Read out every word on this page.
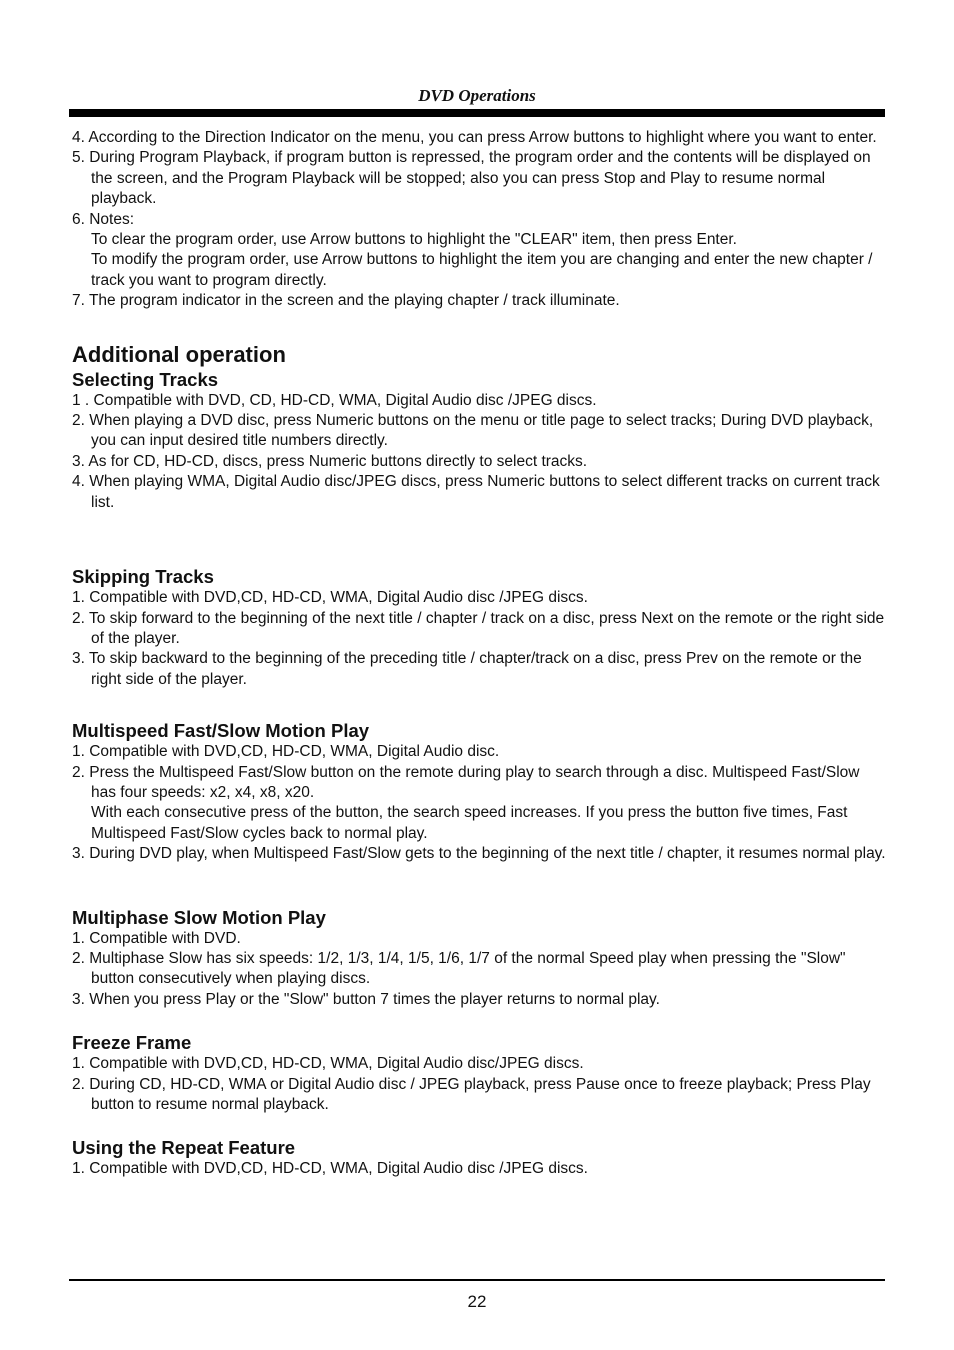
DVD Operations

4. According to the Direction Indicator on the menu, you can press Arrow buttons to highlight where you want to enter.

5. During Program Playback, if program button is repressed, the program order and the contents will be displayed on the screen, and the Program Playback will be stopped; also you can press Stop and Play to resume normal playback.

6. Notes:

To clear the program order, use Arrow buttons to highlight the "CLEAR" item, then press Enter.

To modify the program order, use Arrow buttons to highlight the item you are changing and enter the new chapter / track you want to program directly.

7. The program indicator in the screen and the playing chapter / track illuminate.

Additional operation
Selecting Tracks

1 . Compatible with DVD, CD, HD-CD, WMA, Digital Audio disc /JPEG discs.

2. When playing a DVD disc, press Numeric buttons on the menu or title page to select tracks; During DVD playback, you can input desired title numbers directly.

3. As for CD, HD-CD, discs, press Numeric buttons directly to select tracks.

4. When playing WMA, Digital Audio disc/JPEG discs, press Numeric buttons to select different tracks on current track list.

Skipping Tracks

1. Compatible with DVD,CD, HD-CD, WMA, Digital Audio disc /JPEG discs.

2. To skip forward to the beginning of the next title / chapter / track on a disc, press Next on the remote or the right side of the player.

3. To skip backward to the beginning of the preceding title / chapter/track on a disc, press Prev on the remote or the right side of the player.

Multispeed Fast/Slow Motion Play

1. Compatible with DVD,CD, HD-CD, WMA, Digital Audio disc.

2. Press the Multispeed Fast/Slow button on the remote during play to search through a disc. Multispeed Fast/Slow has four speeds: x2, x4, x8, x20.

With each consecutive press of the button, the search speed increases. If you press the button five times, Fast Multispeed Fast/Slow cycles back to normal play.

3. During DVD play, when Multispeed Fast/Slow gets to the beginning of the next title / chapter, it resumes normal play.

Multiphase Slow Motion Play

1. Compatible with DVD.

2. Multiphase Slow has six speeds: 1/2, 1/3, 1/4, 1/5, 1/6, 1/7 of the normal Speed play when pressing the "Slow" button consecutively when playing discs.

3. When you press Play or the "Slow" button 7 times the player returns to normal play.

Freeze Frame

1. Compatible with DVD,CD, HD-CD, WMA, Digital Audio disc/JPEG discs.

2. During CD, HD-CD, WMA or Digital Audio disc / JPEG playback, press Pause once to freeze playback; Press Play button to resume normal playback.

Using the Repeat Feature

1. Compatible with DVD,CD, HD-CD, WMA, Digital Audio disc /JPEG discs.

22
